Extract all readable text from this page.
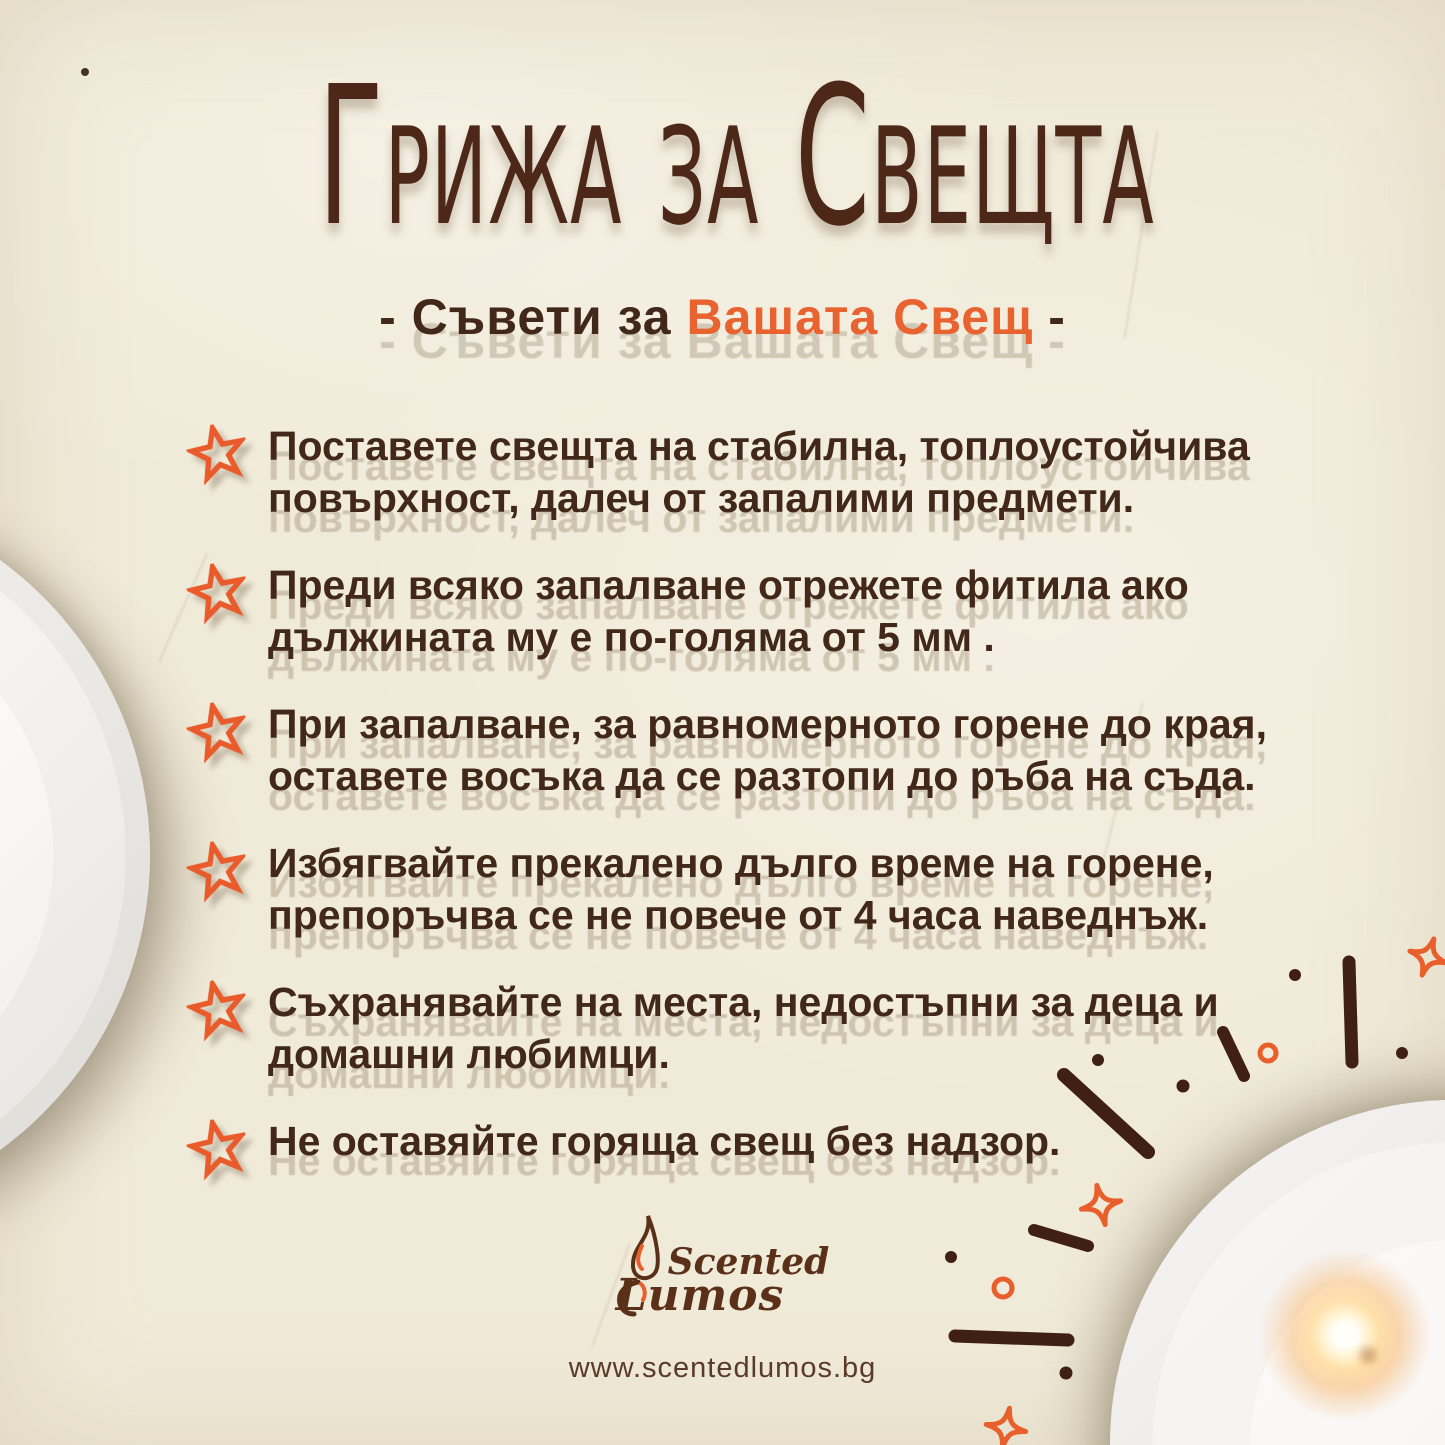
Грижа за Свещта

- Съвети за Вашата Свещ -

Поставете свещта на стабилна, топлоустойчива
повърхност, далеч от запалими предмети.
Преди всяко запалване отрежете фитила ако
дължината му е по-голяма от 5 мм .
При запалване, за равномерното горене до края,
оставете восъка да се разтопи до ръба на съда.
Избягвайте прекалено дълго време на горене,
препоръчва се не повече от 4 часа наведнъж.
Съхранявайте на места, недостъпни за деца и
домашни любимци.
Не оставяйте горяща свещ без надзор.
Scented
Lumos
www.scentedlumos.bg
